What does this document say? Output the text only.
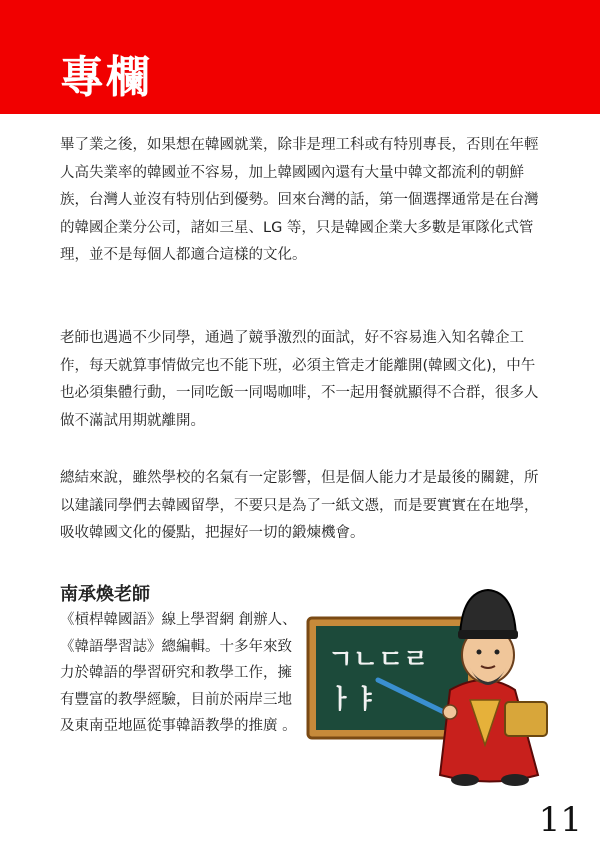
專欄

畢了業之後，如果想在韓國就業，除非是理工科或有特別專長，否則在年輕人高失業率的韓國並不容易，加上韓國國內還有大量中韓文都流利的朝鮮族，台灣人並沒有特別佔到優勢。回來台灣的話，第一個選擇通常是在台灣的韓國企業分公司，諸如三星、LG 等，只是韓國企業大多數是軍隊化式管理，並不是每個人都適合這樣的文化。

老師也遇過不少同學，通過了競爭激烈的面試，好不容易進入知名韓企工作，每天就算事情做完也不能下班，必須主管走才能離開(韓國文化)，中午也必須集體行動，一同吃飯一同喝咖啡，不一起用餐就顯得不合群，很多人做不滿試用期就離開。

總結來說，雖然學校的名氣有一定影響，但是個人能力才是最後的關鍵，所以建議同學們去韓國留學，不要只是為了一紙文憑，而是要實實在在地學，吸收韓國文化的優點，把握好一切的鍛煉機會。

南承煥老師

《槓桿韓國語》線上學習網 創辦人、《韓語學習誌》總編輯。十多年來致力於韓語的學習研究和教學工作，擁有豐富的教學經驗，目前於兩岸三地及東南亞地區從事韓語教學的推廣 。

ㄱㄴㄷㄹ
ㅏㅑ
11
